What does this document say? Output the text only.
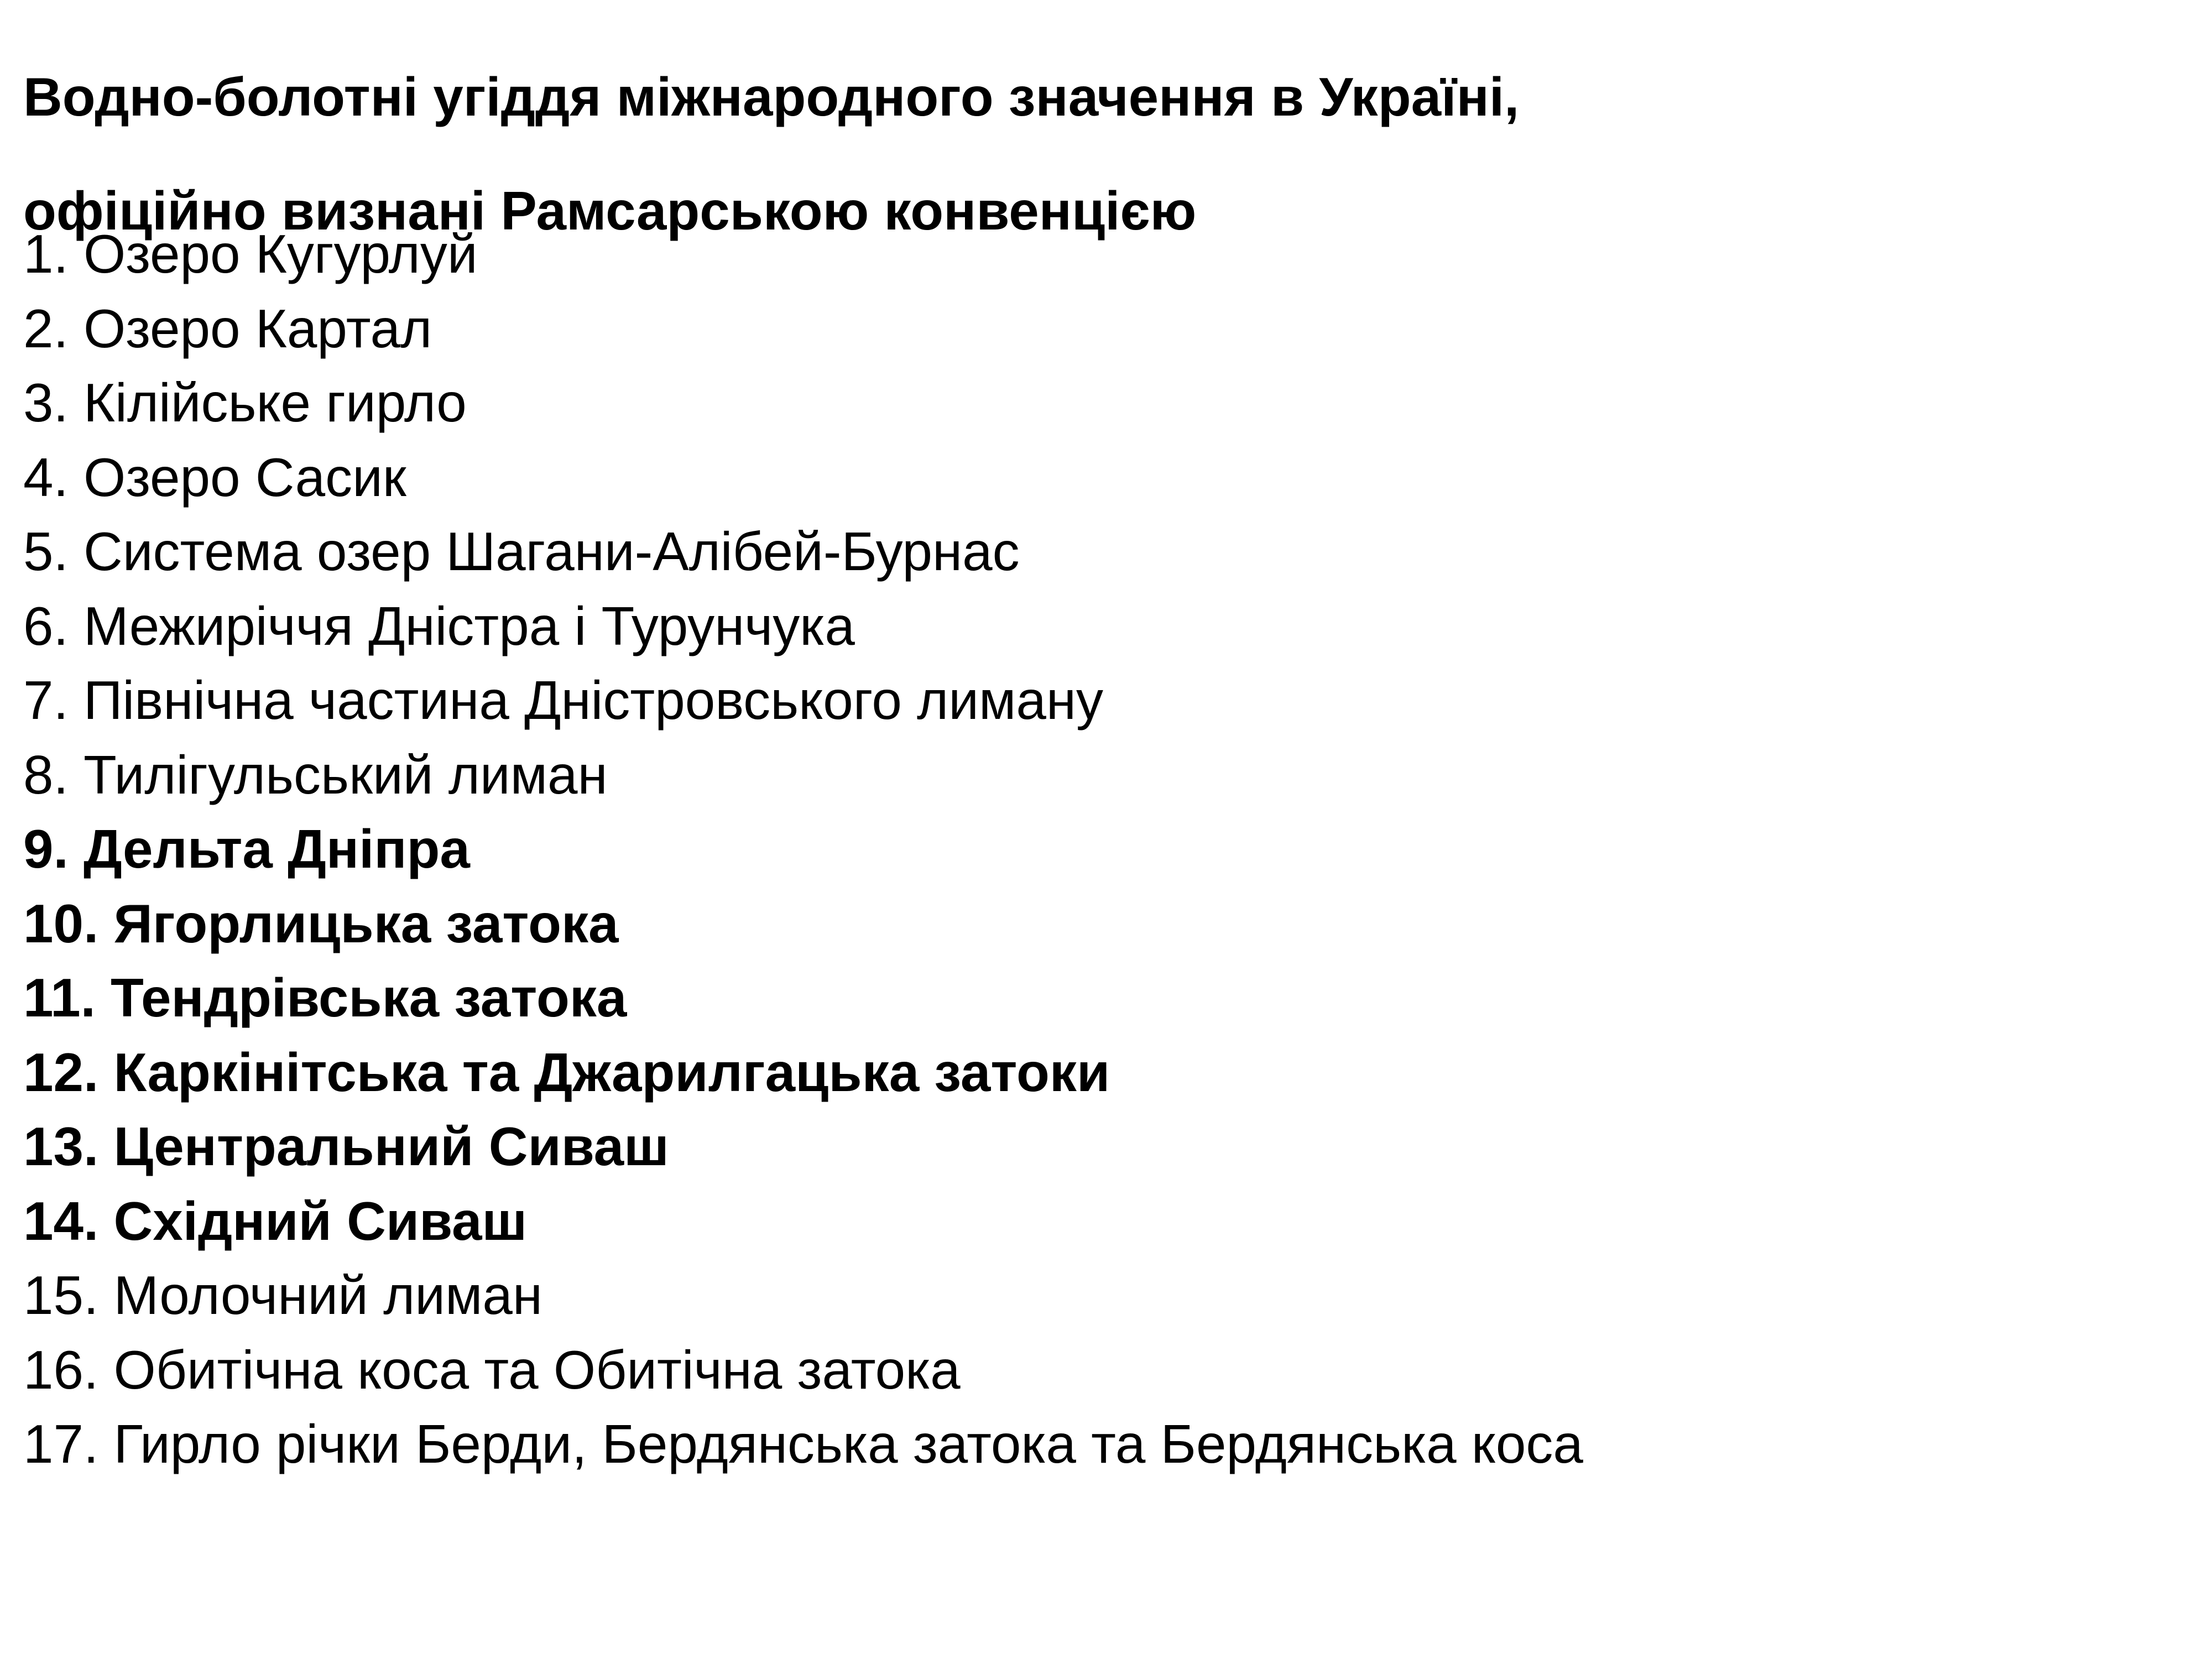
Водно-болотні угіддя міжнародного значення в Україні,
офіційно визнані Рамсарською конвенцією
1. Озеро Кугурлуй
2. Озеро Картал
3. Кілійське гирло
4. Озеро Сасик
5. Система озер Шагани-Алібей-Бурнас
6. Межиріччя Дністра і Турунчука
7. Північна частина Дністровського лиману
8. Тилігульський лиман
9. Дельта Дніпра
10. Ягорлицька затока
11. Тендрівська затока
12. Каркінітська та Джарилгацька затоки
13. Центральний Сиваш
14. Східний Сиваш
15. Молочний лиман
16. Обитічна коса та Обитічна затока
17. Гирло річки Берди, Бердянська затока та Бердянська коса
